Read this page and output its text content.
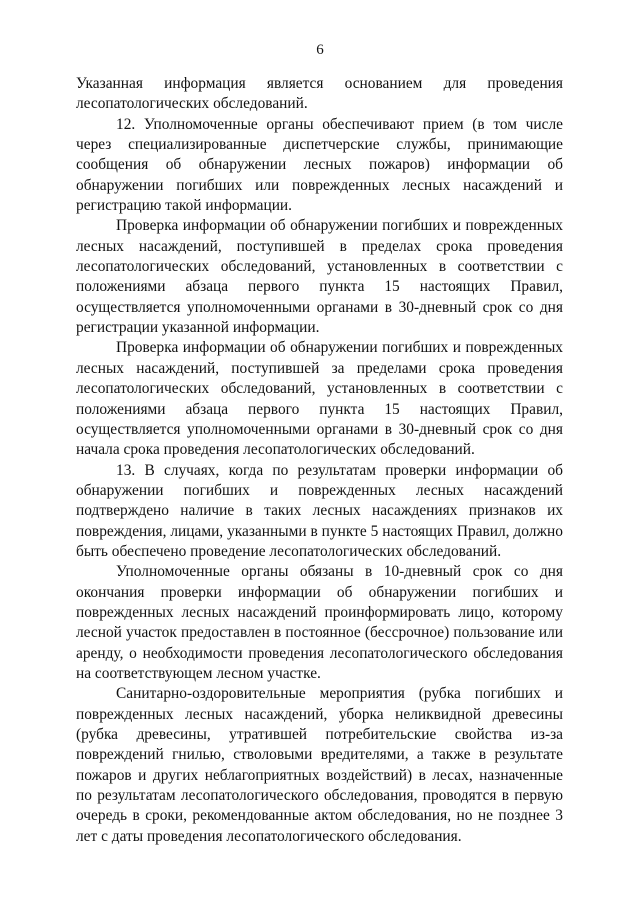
6

Указанная информация является основанием для проведения лесопатологических обследований.

12. Уполномоченные органы обеспечивают прием (в том числе через специализированные диспетчерские службы, принимающие сообщения об обнаружении лесных пожаров) информации об обнаружении погибших или поврежденных лесных насаждений и регистрацию такой информации.

Проверка информации об обнаружении погибших и поврежденных лесных насаждений, поступившей в пределах срока проведения лесопатологических обследований, установленных в соответствии с положениями абзаца первого пункта 15 настоящих Правил, осуществляется уполномоченными органами в 30-дневный срок со дня регистрации указанной информации.

Проверка информации об обнаружении погибших и поврежденных лесных насаждений, поступившей за пределами срока проведения лесопатологических обследований, установленных в соответствии с положениями абзаца первого пункта 15 настоящих Правил, осуществляется уполномоченными органами в 30-дневный срок со дня начала срока проведения лесопатологических обследований.

13. В случаях, когда по результатам проверки информации об обнаружении погибших и поврежденных лесных насаждений подтверждено наличие в таких лесных насаждениях признаков их повреждения, лицами, указанными в пункте 5 настоящих Правил, должно быть обеспечено проведение лесопатологических обследований.

Уполномоченные органы обязаны в 10-дневный срок со дня окончания проверки информации об обнаружении погибших и поврежденных лесных насаждений проинформировать лицо, которому лесной участок предоставлен в постоянное (бессрочное) пользование или аренду, о необходимости проведения лесопатологического обследования на соответствующем лесном участке.

Санитарно-оздоровительные мероприятия (рубка погибших и поврежденных лесных насаждений, уборка неликвидной древесины (рубка древесины, утратившей потребительские свойства из-за повреждений гнилью, стволовыми вредителями, а также в результате пожаров и других неблагоприятных воздействий) в лесах, назначенные по результатам лесопатологического обследования, проводятся в первую очередь в сроки, рекомендованные актом обследования, но не позднее 3 лет с даты проведения лесопатологического обследования.
